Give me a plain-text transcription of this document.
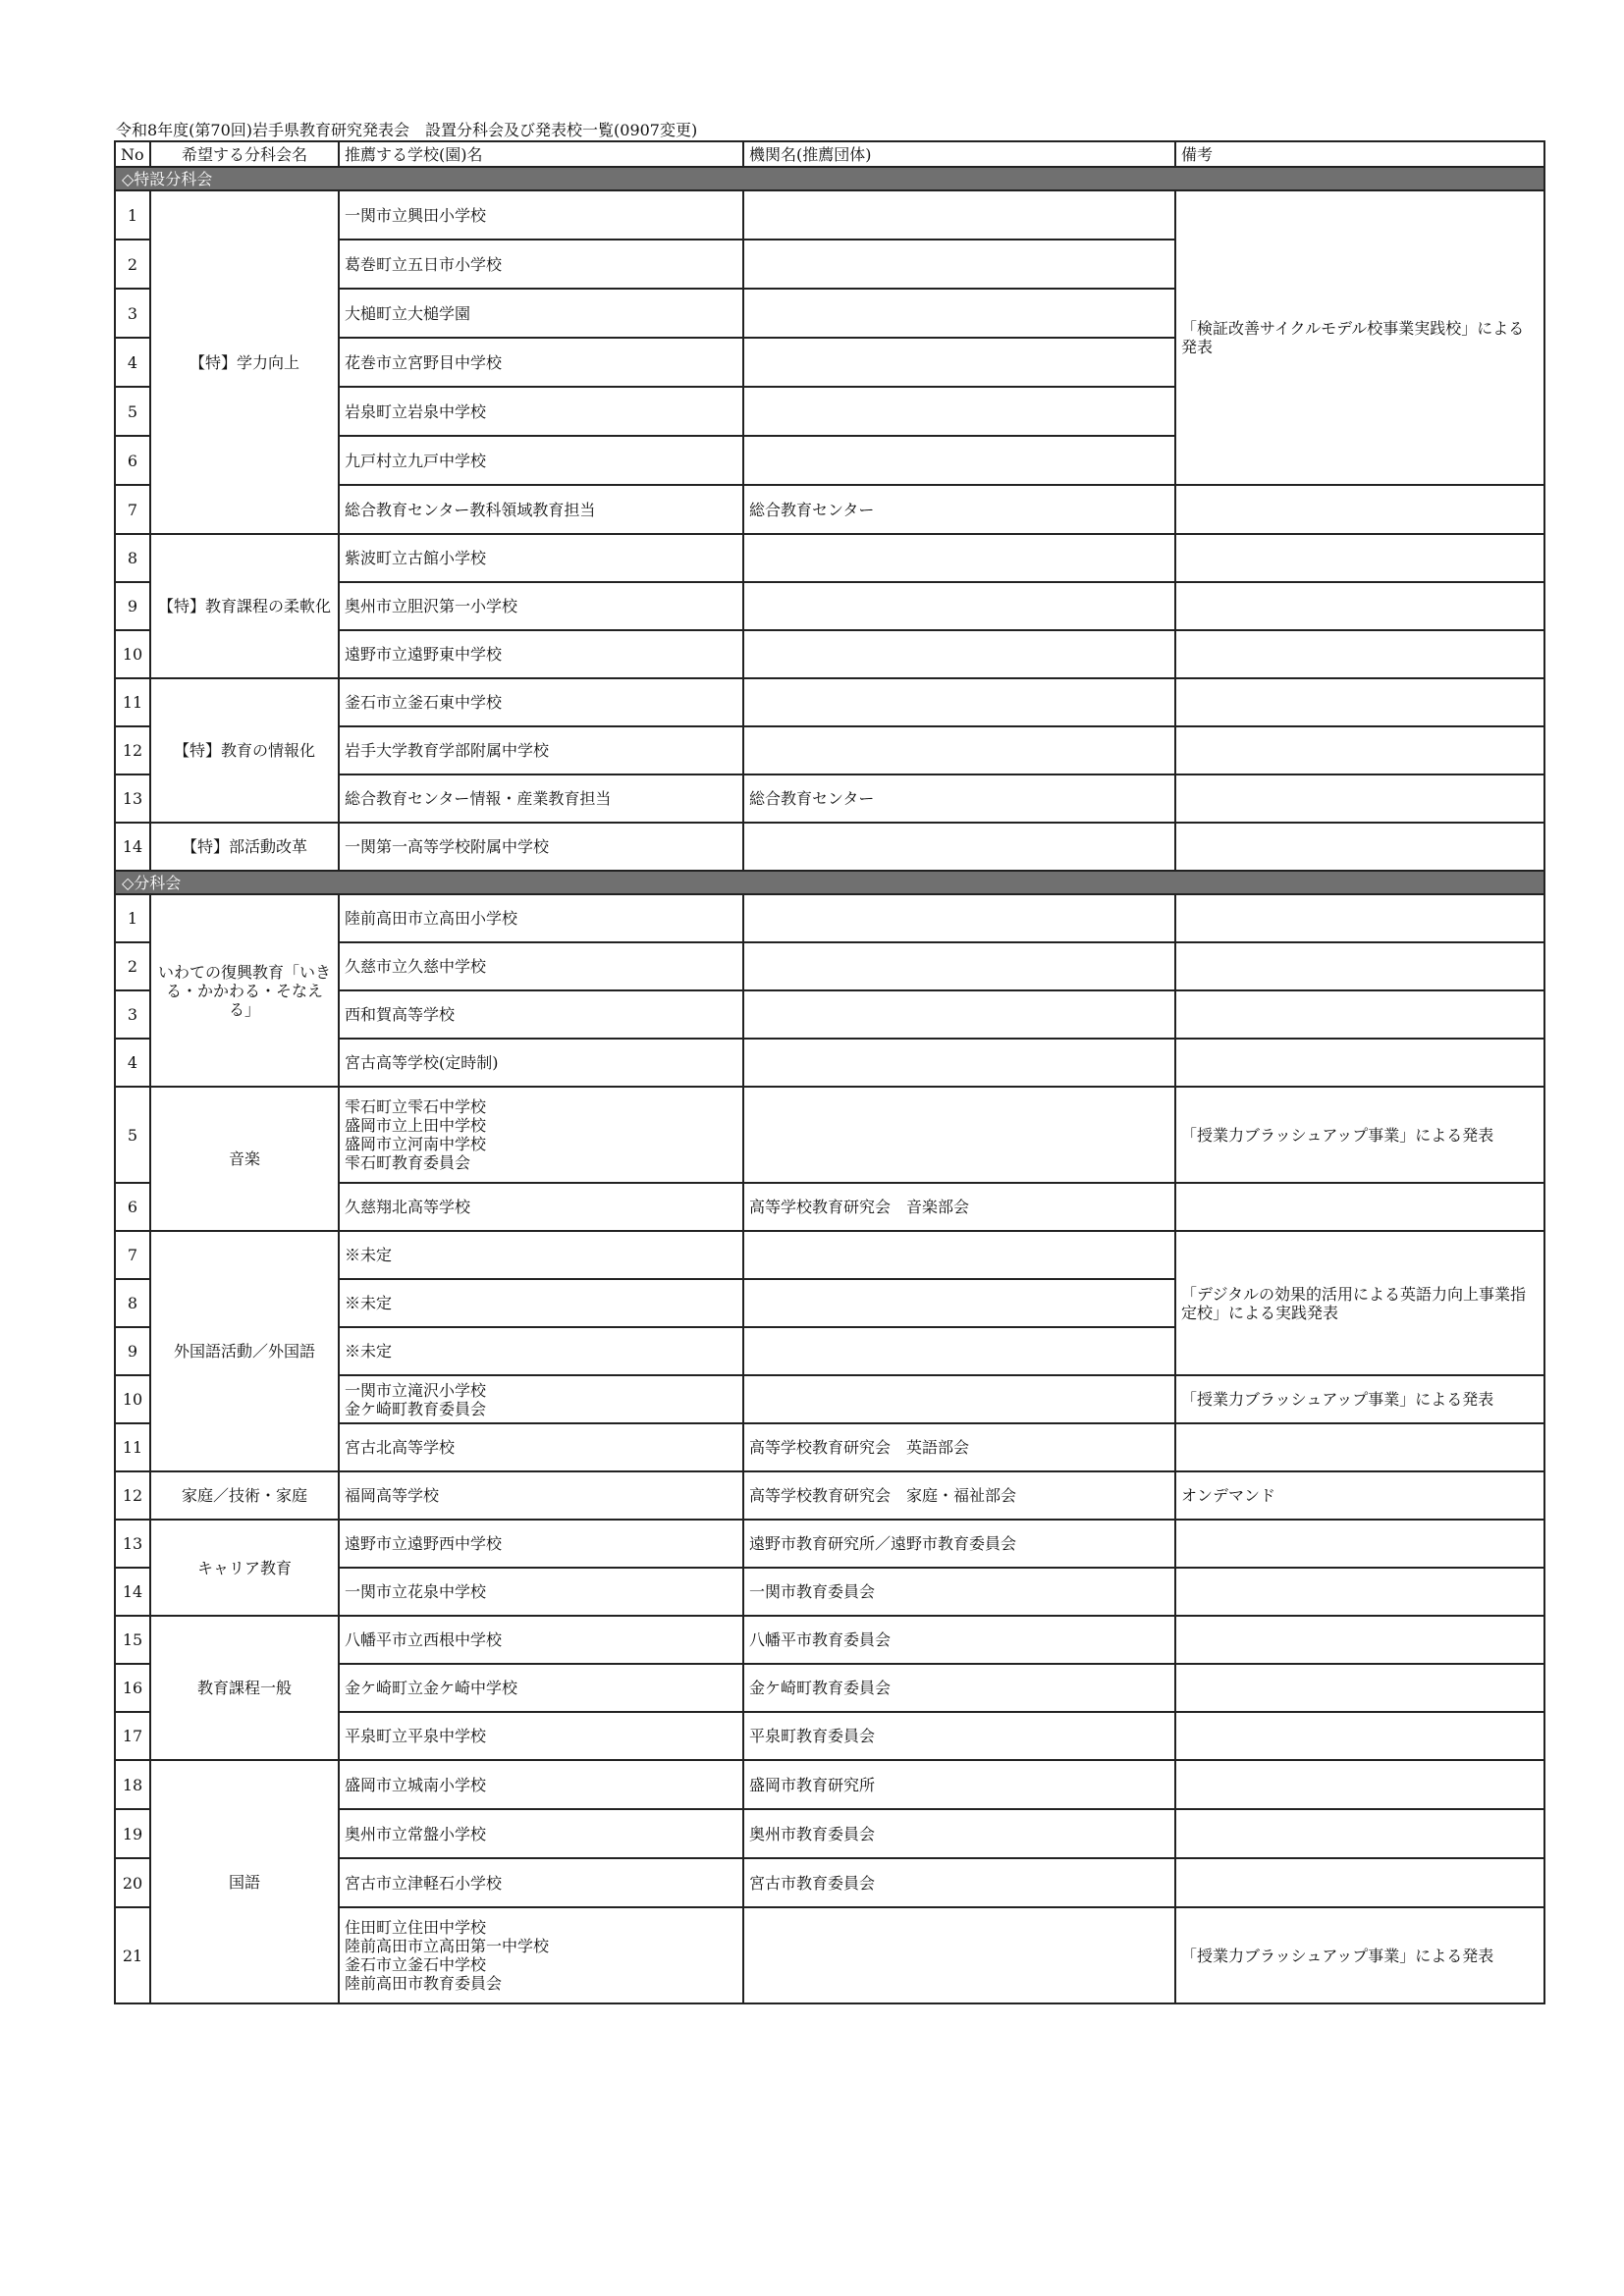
令和8年度(第70回)岩手県教育研究発表会　設置分科会及び発表校一覧(0907変更)
No	希望する分科会名	推薦する学校(園)名	機関名(推薦団体)	備考
◇特設分科会				
1	【特】学力向上	一関市立興田小学校		「検証改善サイクルモデル校事業実践校」による発表
2		葛巻町立五日市小学校		

3		大槌町立大槌学園		

4		花巻市立宮野目中学校		

5		岩泉町立岩泉中学校		

6		九戸村立九戸中学校		

7		総合教育センター教科領域教育担当	総合教育センター	
8	【特】教育課程の柔軟化	紫波町立古館小学校		

9		奥州市立胆沢第一小学校		

10		遠野市立遠野東中学校		

11	【特】教育の情報化	釜石市立釜石東中学校		

12		岩手大学教育学部附属中学校		

13		総合教育センター情報・産業教育担当	総合教育センター	
14	【特】部活動改革	一関第一高等学校附属中学校		

◇分科会				
1	いわての復興教育「いきる・かかわる・そなえる」	陸前高田市立高田小学校		

2		久慈市立久慈中学校		

3		西和賀高等学校		

4		宮古高等学校(定時制)		

5	音楽	雫石町立雫石中学校
盛岡市立上田中学校
盛岡市立河南中学校
雫石町教育委員会		「授業力ブラッシュアップ事業」による発表
6		久慈翔北高等学校	高等学校教育研究会　音楽部会	
7	外国語活動／外国語	※未定		「デジタルの効果的活用による英語力向上事業指定校」による実践発表
8		※未定		

9		※未定		

10		一関市立滝沢小学校
金ケ崎町教育委員会		「授業力ブラッシュアップ事業」による発表
11		宮古北高等学校	高等学校教育研究会　英語部会	
12	家庭／技術・家庭	福岡高等学校	高等学校教育研究会　家庭・福祉部会	オンデマンド
13	キャリア教育	遠野市立遠野西中学校	遠野市教育研究所／遠野市教育委員会	
14		一関市立花泉中学校	一関市教育委員会	
15	教育課程一般	八幡平市立西根中学校	八幡平市教育委員会	
16		金ケ崎町立金ケ崎中学校	金ケ崎町教育委員会	
17		平泉町立平泉中学校	平泉町教育委員会	
18	国語	盛岡市立城南小学校	盛岡市教育研究所	
19		奥州市立常盤小学校	奥州市教育委員会	
20		宮古市立津軽石小学校	宮古市教育委員会	
21		住田町立住田中学校
陸前高田市立高田第一中学校
釜石市立釜石中学校
陸前高田市教育委員会		「授業力ブラッシュアップ事業」による発表
